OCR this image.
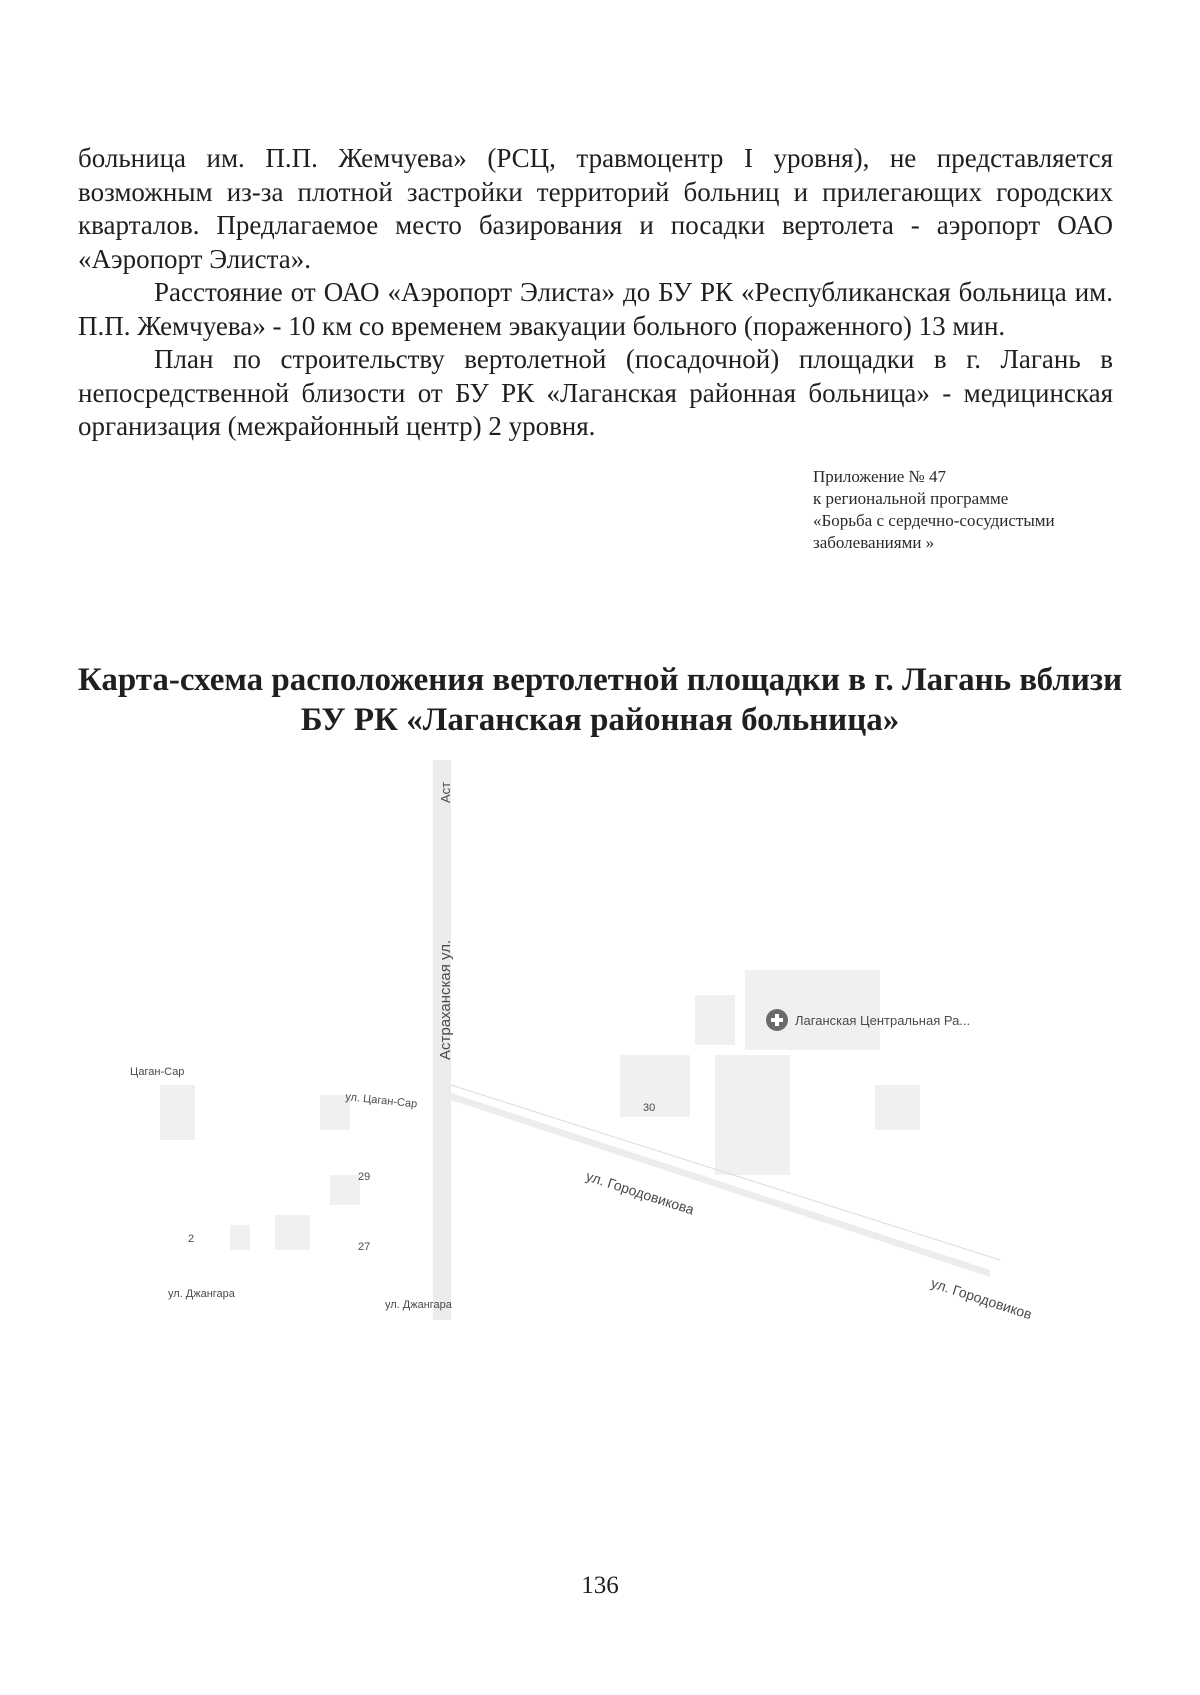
больница им. П.П. Жемчуева» (РСЦ, травмоцентр I уровня), не представляется возможным из-за плотной застройки территорий больниц и прилегающих городских кварталов. Предлагаемое место базирования и посадки вертолета - аэропорт ОАО «Аэропорт Элиста».

Расстояние от ОАО «Аэропорт Элиста» до БУ РК «Республиканская больница им. П.П. Жемчуева» - 10 км со временем эвакуации больного (пораженного) 13 мин.

План по строительству вертолетной (посадочной) площадки в г. Лагань в непосредственной близости от БУ РК «Лаганская районная больница» - медицинская организация (межрайонный центр) 2 уровня.

Приложение № 47
к региональной программе
«Борьба с сердечно-сосудистыми
заболеваниями »
Карта-схема расположения вертолетной площадки в г. Лагань вблизи
БУ РК «Лаганская районная больница»
Астраханская ул.
Аст
Цаган-Сар
ул. Цаган-Сар
ул. Городовикова
ул. Городовиков
ул. Джангара
ул. Джангара
30
29
27
2
Лаганская Центральная Ра...
136
